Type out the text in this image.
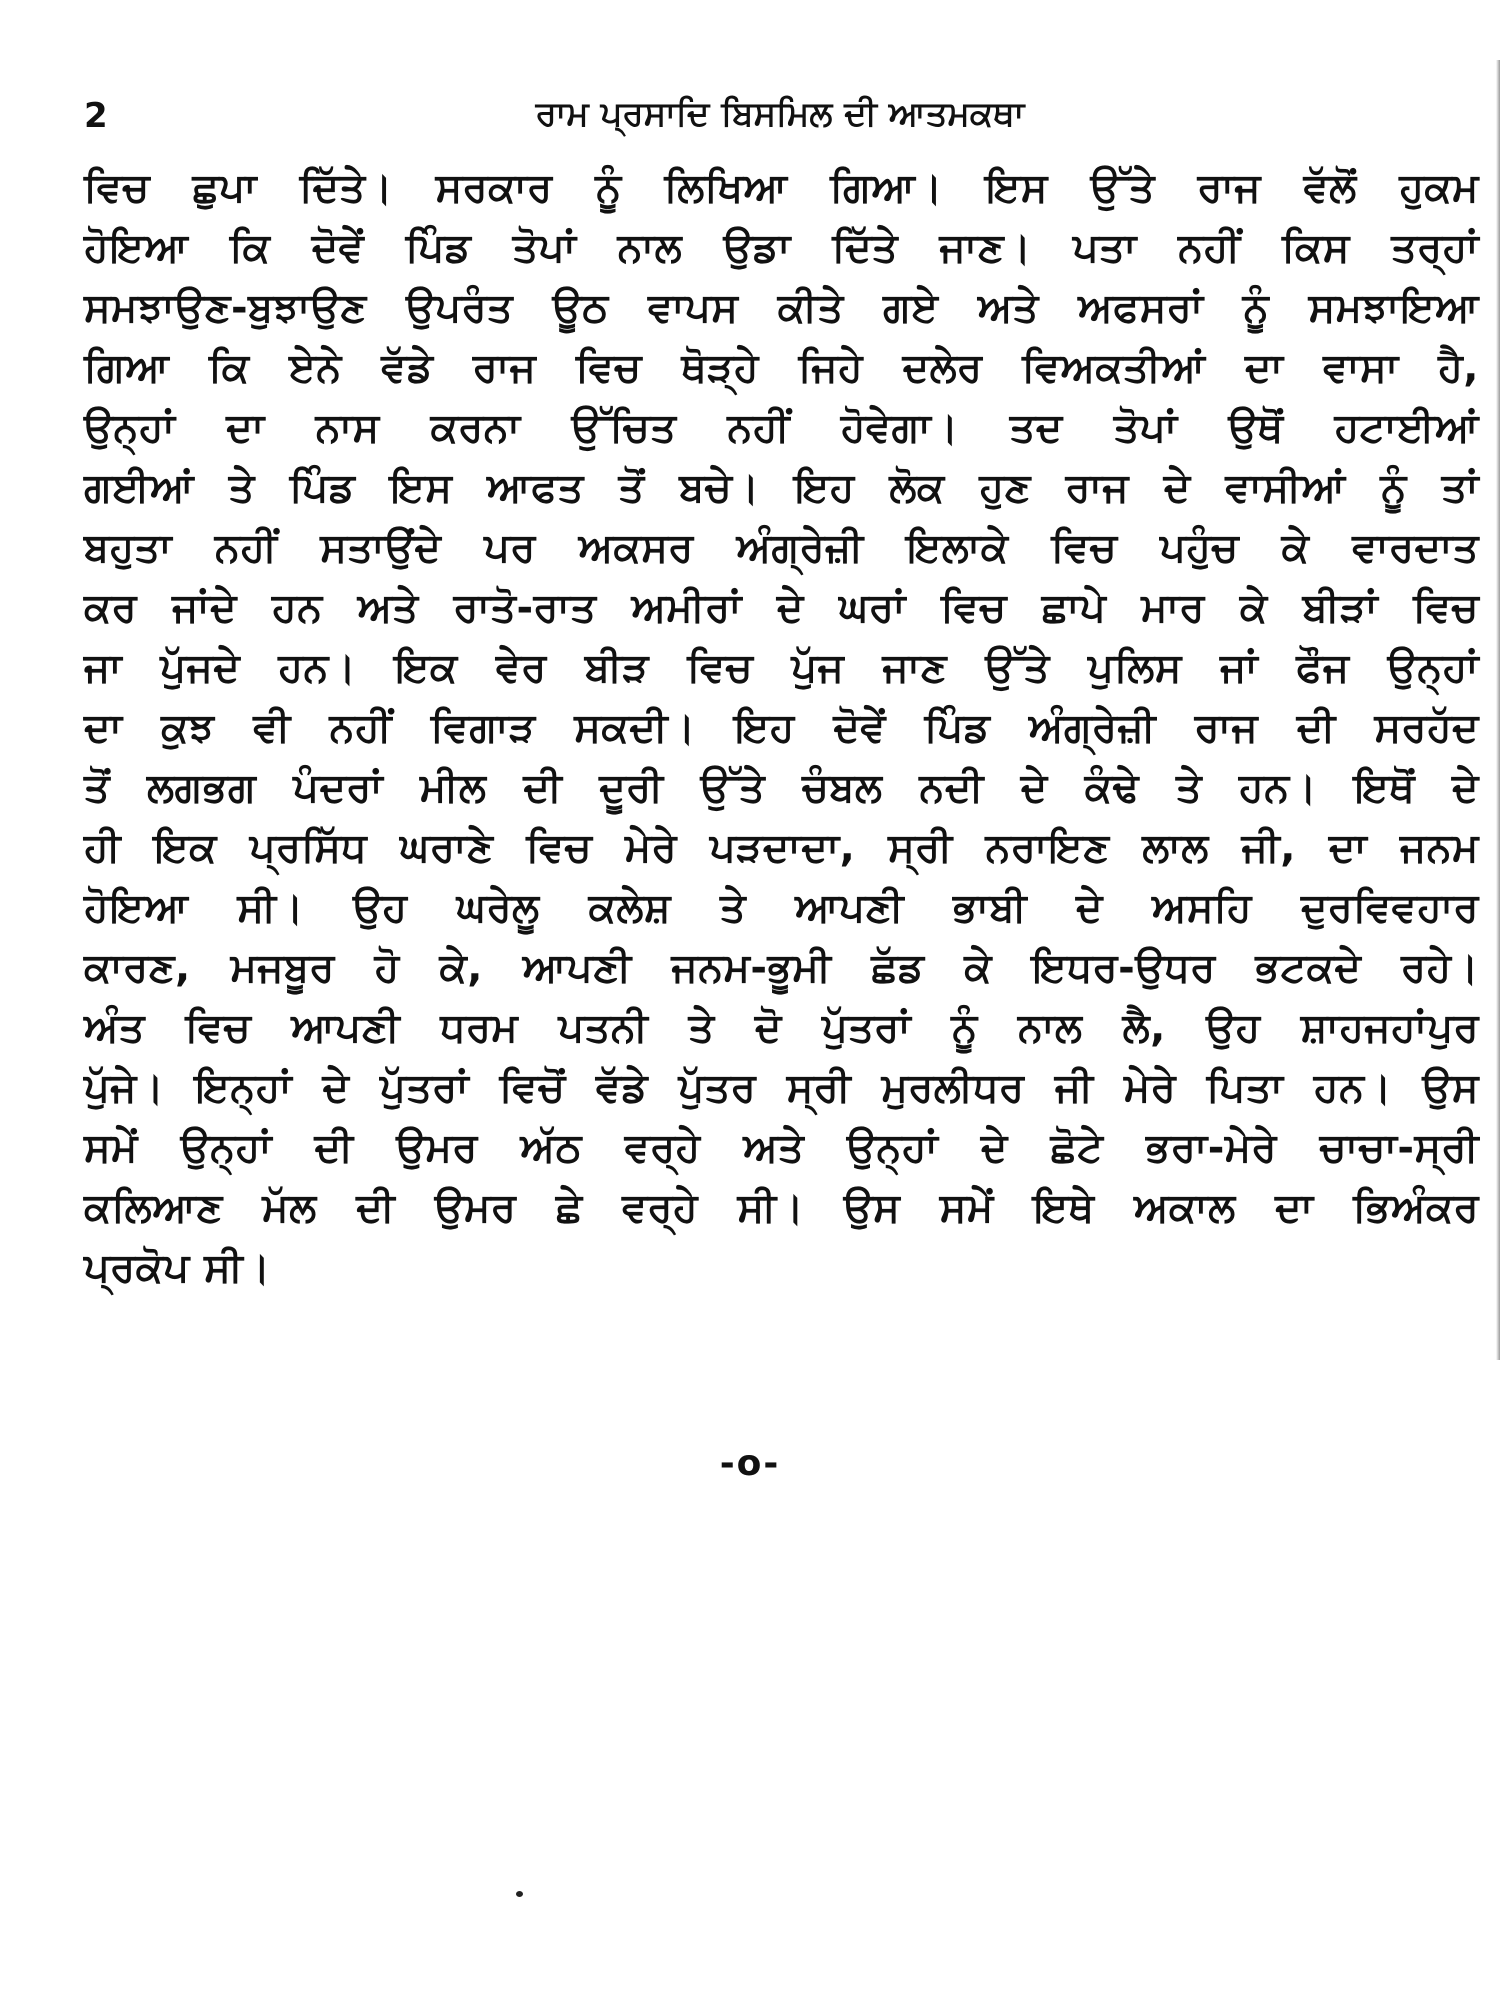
2	ਰਾਮ ਪ੍ਰਸਾਦਿ ਬਿਸਮਿਲ ਦੀ ਆਤਮਕਥਾ
ਵਿਚ ਛੁਪਾ ਦਿੱਤੇ। ਸਰਕਾਰ ਨੂੰ ਲਿਖਿਆ ਗਿਆ। ਇਸ ਉੱਤੇ ਰਾਜ ਵੱਲੋਂ ਹੁਕਮ
ਹੋਇਆ ਕਿ ਦੋਵੇਂ ਪਿੰਡ ਤੋਪਾਂ ਨਾਲ ਉਡਾ ਦਿੱਤੇ ਜਾਣ। ਪਤਾ ਨਹੀਂ ਕਿਸ ਤਰ੍ਹਾਂ
ਸਮਝਾਉਣ-ਬੁਝਾਉਣ ਉਪਰੰਤ ਊਠ ਵਾਪਸ ਕੀਤੇ ਗਏ ਅਤੇ ਅਫਸਰਾਂ ਨੂੰ ਸਮਝਾਇਆ
ਗਿਆ ਕਿ ਏਨੇ ਵੱਡੇ ਰਾਜ ਵਿਚ ਥੋੜ੍ਹੇ ਜਿਹੇ ਦਲੇਰ ਵਿਅਕਤੀਆਂ ਦਾ ਵਾਸਾ ਹੈ,
ਉਨ੍ਹਾਂ ਦਾ ਨਾਸ ਕਰਨਾ ਉੱਚਿਤ ਨਹੀਂ ਹੋਵੇਗਾ। ਤਦ ਤੋਪਾਂ ਉਥੋਂ ਹਟਾਈਆਂ
ਗਈਆਂ ਤੇ ਪਿੰਡ ਇਸ ਆਫਤ ਤੋਂ ਬਚੇ। ਇਹ ਲੋਕ ਹੁਣ ਰਾਜ ਦੇ ਵਾਸੀਆਂ ਨੂੰ ਤਾਂ
ਬਹੁਤਾ ਨਹੀਂ ਸਤਾਉਂਦੇ ਪਰ ਅਕਸਰ ਅੰਗ੍ਰੇਜ਼ੀ ਇਲਾਕੇ ਵਿਚ ਪਹੁੰਚ ਕੇ ਵਾਰਦਾਤ
ਕਰ ਜਾਂਦੇ ਹਨ ਅਤੇ ਰਾਤੋ-ਰਾਤ ਅਮੀਰਾਂ ਦੇ ਘਰਾਂ ਵਿਚ ਛਾਪੇ ਮਾਰ ਕੇ ਬੀੜਾਂ ਵਿਚ
ਜਾ ਪੁੱਜਦੇ ਹਨ। ਇਕ ਵੇਰ ਬੀੜ ਵਿਚ ਪੁੱਜ ਜਾਣ ਉੱਤੇ ਪੁਲਿਸ ਜਾਂ ਫੌਜ ਉਨ੍ਹਾਂ
ਦਾ ਕੁਝ ਵੀ ਨਹੀਂ ਵਿਗਾੜ ਸਕਦੀ। ਇਹ ਦੋਵੇਂ ਪਿੰਡ ਅੰਗ੍ਰੇਜ਼ੀ ਰਾਜ ਦੀ ਸਰਹੱਦ
ਤੋਂ ਲਗਭਗ ਪੰਦਰਾਂ ਮੀਲ ਦੀ ਦੂਰੀ ਉੱਤੇ ਚੰਬਲ ਨਦੀ ਦੇ ਕੰਢੇ ਤੇ ਹਨ। ਇਥੋਂ ਦੇ
ਹੀ ਇਕ ਪ੍ਰਸਿੱਧ ਘਰਾਣੇ ਵਿਚ ਮੇਰੇ ਪੜਦਾਦਾ, ਸ੍ਰੀ ਨਰਾਇਣ ਲਾਲ ਜੀ, ਦਾ ਜਨਮ
ਹੋਇਆ ਸੀ। ਉਹ ਘਰੇਲੂ ਕਲੇਸ਼ ਤੇ ਆਪਣੀ ਭਾਬੀ ਦੇ ਅਸਹਿ ਦੁਰਵਿਵਹਾਰ
ਕਾਰਣ, ਮਜਬੂਰ ਹੋ ਕੇ, ਆਪਣੀ ਜਨਮ-ਭੂਮੀ ਛੱਡ ਕੇ ਇਧਰ-ਉਧਰ ਭਟਕਦੇ ਰਹੇ।
ਅੰਤ ਵਿਚ ਆਪਣੀ ਧਰਮ ਪਤਨੀ ਤੇ ਦੋ ਪੁੱਤਰਾਂ ਨੂੰ ਨਾਲ ਲੈ, ਉਹ ਸ਼ਾਹਜਹਾਂਪੁਰ
ਪੁੱਜੇ। ਇਨ੍ਹਾਂ ਦੇ ਪੁੱਤਰਾਂ ਵਿਚੋਂ ਵੱਡੇ ਪੁੱਤਰ ਸ੍ਰੀ ਮੁਰਲੀਧਰ ਜੀ ਮੇਰੇ ਪਿਤਾ ਹਨ। ਉਸ
ਸਮੇਂ ਉਨ੍ਹਾਂ ਦੀ ਉਮਰ ਅੱਠ ਵਰ੍ਹੇ ਅਤੇ ਉਨ੍ਹਾਂ ਦੇ ਛੋਟੇ ਭਰਾ-ਮੇਰੇ ਚਾਚਾ-ਸ੍ਰੀ
ਕਲਿਆਣ ਮੱਲ ਦੀ ਉਮਰ ਛੇ ਵਰ੍ਹੇ ਸੀ। ਉਸ ਸਮੇਂ ਇਥੇ ਅਕਾਲ ਦਾ ਭਿਅੰਕਰ
ਪ੍ਰਕੋਪ ਸੀ।
-o-
